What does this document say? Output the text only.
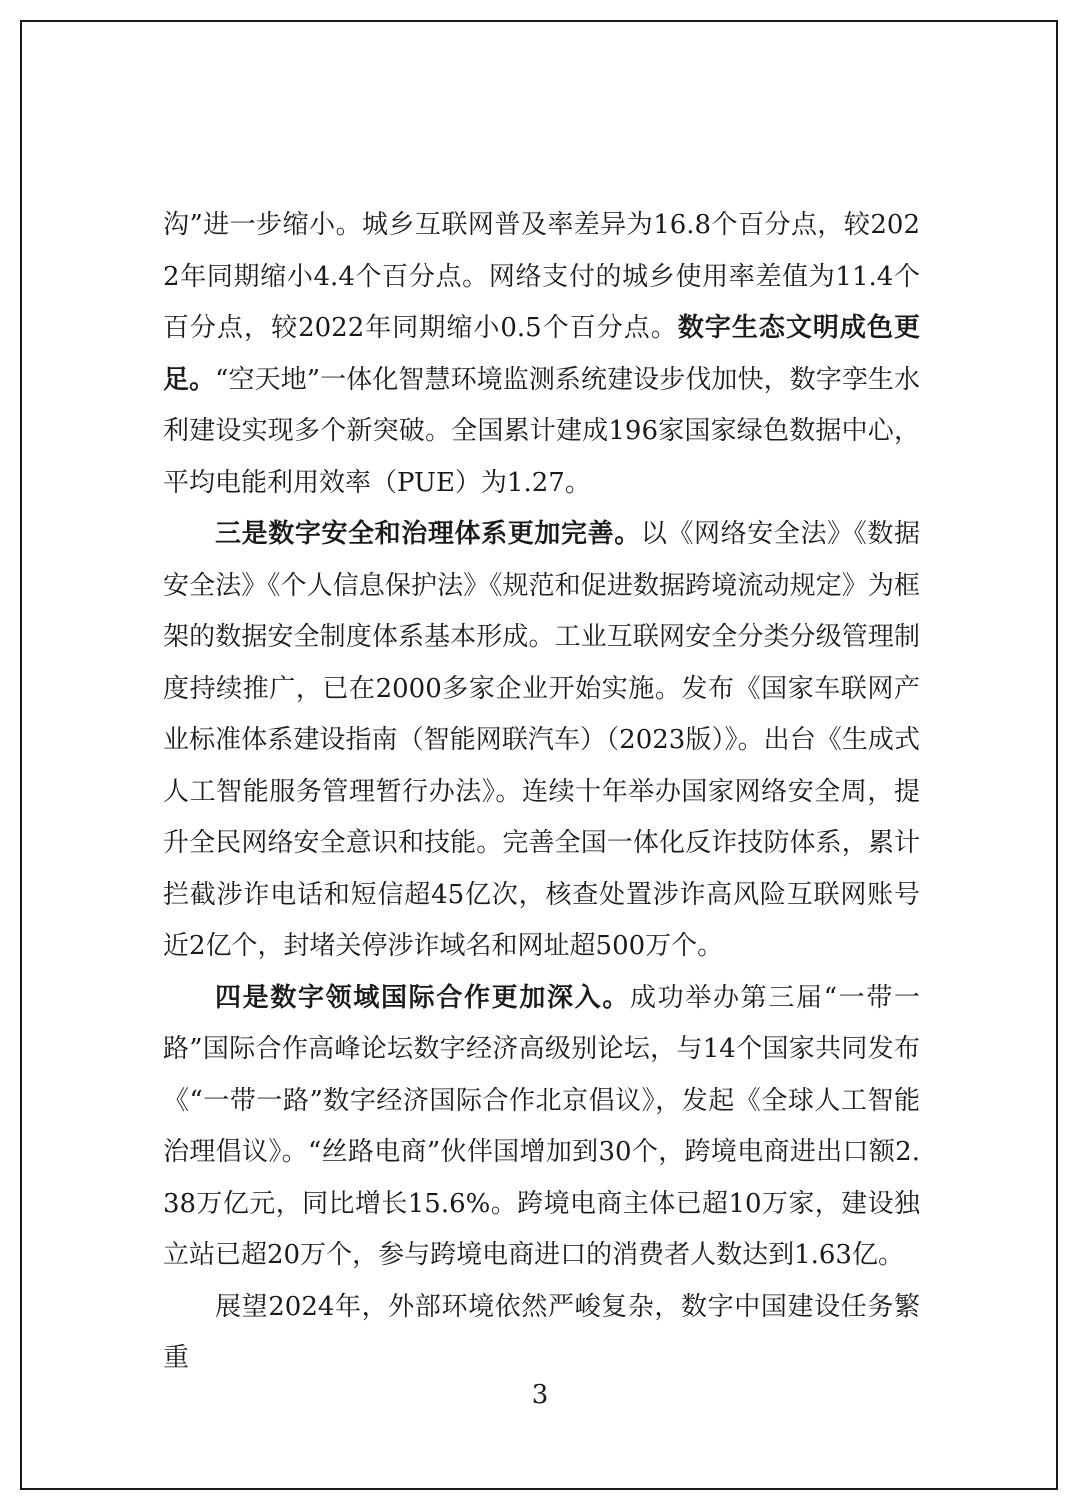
沟”进一步缩小。城乡互联网普及率差异为16.8个百分点，较2022年同期缩小4.4个百分点。网络支付的城乡使用率差值为11.4个百分点，较2022年同期缩小0.5个百分点。数字生态文明成色更足。“空天地”一体化智慧环境监测系统建设步伐加快，数字孪生水利建设实现多个新突破。全国累计建成196家国家绿色数据中心，平均电能利用效率（PUE）为1.27。

三是数字安全和治理体系更加完善。以《网络安全法》《数据安全法》《个人信息保护法》《规范和促进数据跨境流动规定》为框架的数据安全制度体系基本形成。工业互联网安全分类分级管理制度持续推广，已在2000多家企业开始实施。发布《国家车联网产业标准体系建设指南（智能网联汽车）（2023版）》。出台《生成式人工智能服务管理暂行办法》。连续十年举办国家网络安全周，提升全民网络安全意识和技能。完善全国一体化反诈技防体系，累计拦截涉诈电话和短信超45亿次，核查处置涉诈高风险互联网账号近2亿个，封堵关停涉诈域名和网址超500万个。

四是数字领域国际合作更加深入。成功举办第三届“一带一路”国际合作高峰论坛数字经济高级别论坛，与14个国家共同发布《“一带一路”数字经济国际合作北京倡议》，发起《全球人工智能治理倡议》。“丝路电商”伙伴国增加到30个，跨境电商进出口额2.38万亿元，同比增长15.6%。跨境电商主体已超10万家，建设独立站已超20万个，参与跨境电商进口的消费者人数达到1.63亿。

展望2024年，外部环境依然严峻复杂，数字中国建设任务繁重

3
